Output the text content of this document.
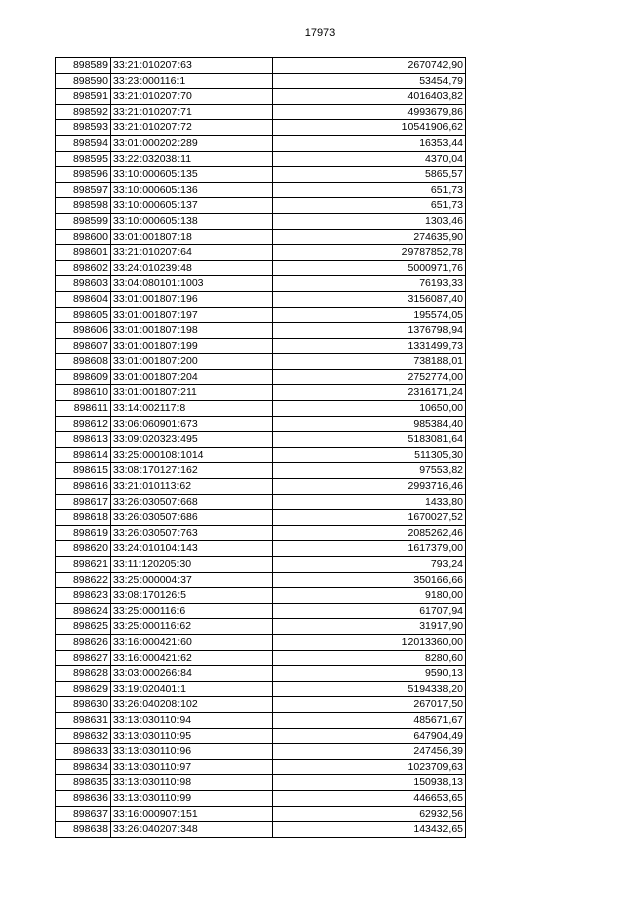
17973
898589	33:21:010207:63	2670742,90
898590	33:23:000116:1	53454,79
898591	33:21:010207:70	4016403,82
898592	33:21:010207:71	4993679,86
898593	33:21:010207:72	10541906,62
898594	33:01:000202:289	16353,44
898595	33:22:032038:11	4370,04
898596	33:10:000605:135	5865,57
898597	33:10:000605:136	651,73
898598	33:10:000605:137	651,73
898599	33:10:000605:138	1303,46
898600	33:01:001807:18	274635,90
898601	33:21:010207:64	29787852,78
898602	33:24:010239:48	5000971,76
898603	33:04:080101:1003	76193,33
898604	33:01:001807:196	3156087,40
898605	33:01:001807:197	195574,05
898606	33:01:001807:198	1376798,94
898607	33:01:001807:199	1331499,73
898608	33:01:001807:200	738188,01
898609	33:01:001807:204	2752774,00
898610	33:01:001807:211	2316171,24
898611	33:14:002117:8	10650,00
898612	33:06:060901:673	985384,40
898613	33:09:020323:495	5183081,64
898614	33:25:000108:1014	511305,30
898615	33:08:170127:162	97553,82
898616	33:21:010113:62	2993716,46
898617	33:26:030507:668	1433,80
898618	33:26:030507:686	1670027,52
898619	33:26:030507:763	2085262,46
898620	33:24:010104:143	1617379,00
898621	33:11:120205:30	793,24
898622	33:25:000004:37	350166,66
898623	33:08:170126:5	9180,00
898624	33:25:000116:6	61707,94
898625	33:25:000116:62	31917,90
898626	33:16:000421:60	12013360,00
898627	33:16:000421:62	8280,60
898628	33:03:000266:84	9590,13
898629	33:19:020401:1	5194338,20
898630	33:26:040208:102	267017,50
898631	33:13:030110:94	485671,67
898632	33:13:030110:95	647904,49
898633	33:13:030110:96	247456,39
898634	33:13:030110:97	1023709,63
898635	33:13:030110:98	150938,13
898636	33:13:030110:99	446653,65
898637	33:16:000907:151	62932,56
898638	33:26:040207:348	143432,65
